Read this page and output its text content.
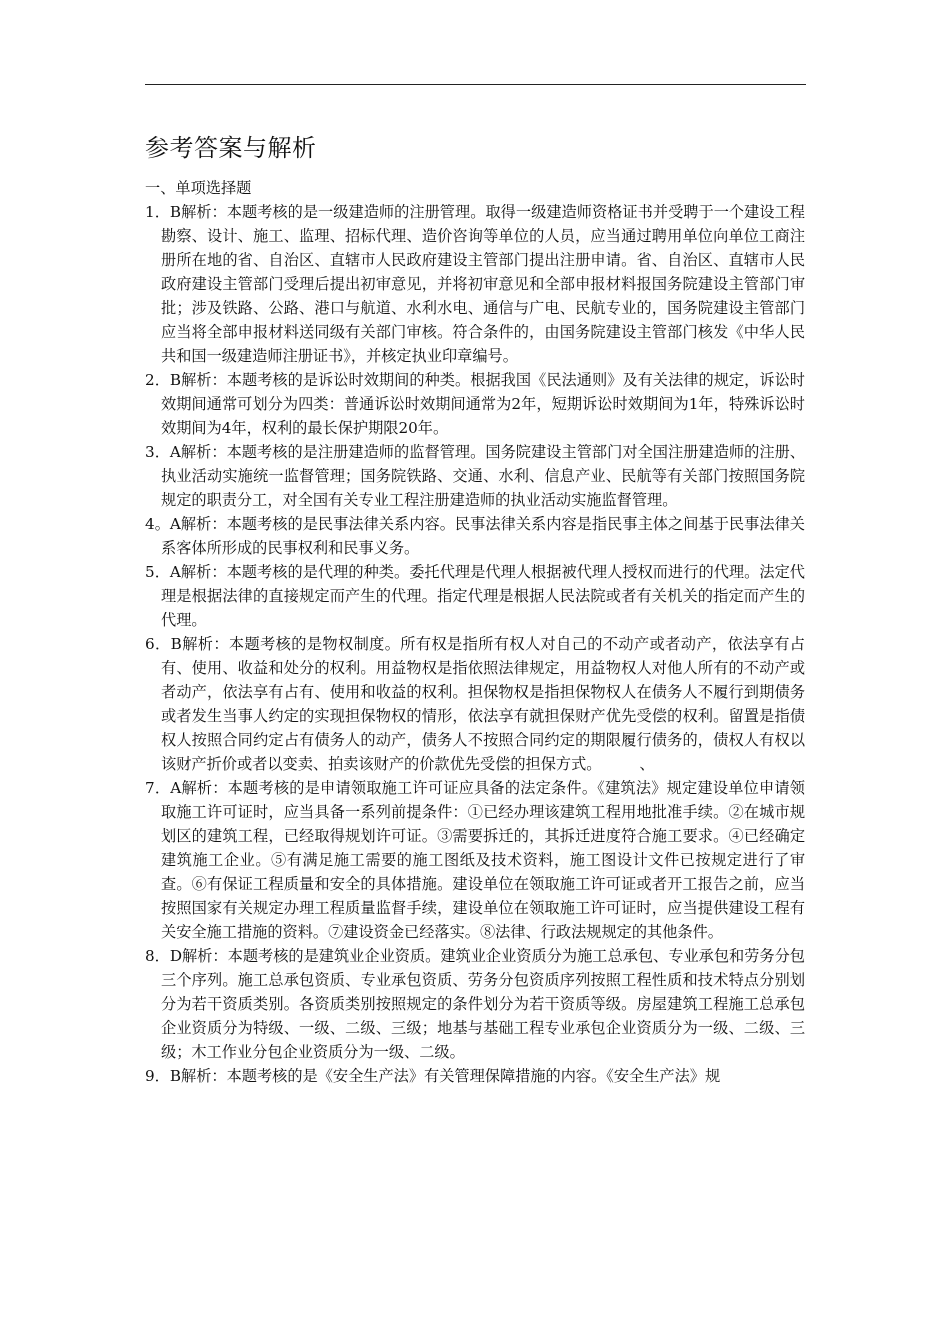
参考答案与解析

一、单项选择题

1．B解析：本题考核的是一级建造师的注册管理。取得一级建造师资格证书并受聘于一个建设工程勘察、设计、施工、监理、招标代理、造价咨询等单位的人员，应当通过聘用单位向单位工商注册所在地的省、自治区、直辖市人民政府建设主管部门提出注册申请。省、自治区、直辖市人民政府建设主管部门受理后提出初审意见，并将初审意见和全部申报材料报国务院建设主管部门审批；涉及铁路、公路、港口与航道、水利水电、通信与广电、民航专业的，国务院建设主管部门应当将全部申报材料送同级有关部门审核。符合条件的，由国务院建设主管部门核发《中华人民共和国一级建造师注册证书》，并核定执业印章编号。

2．B解析：本题考核的是诉讼时效期间的种类。根据我国《民法通则》及有关法律的规定，诉讼时效期间通常可划分为四类：普通诉讼时效期间通常为2年，短期诉讼时效期间为1年，特殊诉讼时效期间为4年，权利的最长保护期限20年。

3．A解析：本题考核的是注册建造师的监督管理。国务院建设主管部门对全国注册建造师的注册、执业活动实施统一监督管理；国务院铁路、交通、水利、信息产业、民航等有关部门按照国务院规定的职责分工，对全国有关专业工程注册建造师的执业活动实施监督管理。

4。A解析：本题考核的是民事法律关系内容。民事法律关系内容是指民事主体之间基于民事法律关系客体所形成的民事权利和民事义务。

5．A解析：本题考核的是代理的种类。委托代理是代理人根据被代理人授权而进行的代理。法定代理是根据法律的直接规定而产生的代理。指定代理是根据人民法院或者有关机关的指定而产生的代理。

6．B解析：本题考核的是物权制度。所有权是指所有权人对自己的不动产或者动产，依法享有占有、使用、收益和处分的权利。用益物权是指依照法律规定，用益物权人对他人所有的不动产或者动产，依法享有占有、使用和收益的权利。担保物权是指担保物权人在债务人不履行到期债务或者发生当事人约定的实现担保物权的情形，依法享有就担保财产优先受偿的权利。留置是指债权人按照合同约定占有债务人的动产，债务人不按照合同约定的期限履行债务的，债权人有权以该财产折价或者以变卖、拍卖该财产的价款优先受偿的担保方式。　　　、

7．A解析：本题考核的是申请领取施工许可证应具备的法定条件。《建筑法》规定建设单位申请领取施工许可证时，应当具备一系列前提条件：①已经办理该建筑工程用地批准手续。②在城市规划区的建筑工程，已经取得规划许可证。③需要拆迁的，其拆迁进度符合施工要求。④已经确定建筑施工企业。⑤有满足施工需要的施工图纸及技术资料，施工图设计文件已按规定进行了审查。⑥有保证工程质量和安全的具体措施。建设单位在领取施工许可证或者开工报告之前，应当按照国家有关规定办理工程质量监督手续，建设单位在领取施工许可证时，应当提供建设工程有关安全施工措施的资料。⑦建设资金已经落实。⑧法律、行政法规规定的其他条件。

8．D解析：本题考核的是建筑业企业资质。建筑业企业资质分为施工总承包、专业承包和劳务分包三个序列。施工总承包资质、专业承包资质、劳务分包资质序列按照工程性质和技术特点分别划分为若干资质类别。各资质类别按照规定的条件划分为若干资质等级。房屋建筑工程施工总承包企业资质分为特级、一级、二级、三级；地基与基础工程专业承包企业资质分为一级、二级、三级；木工作业分包企业资质分为一级、二级。

9．B解析：本题考核的是《安全生产法》有关管理保障措施的内容。《安全生产法》规
